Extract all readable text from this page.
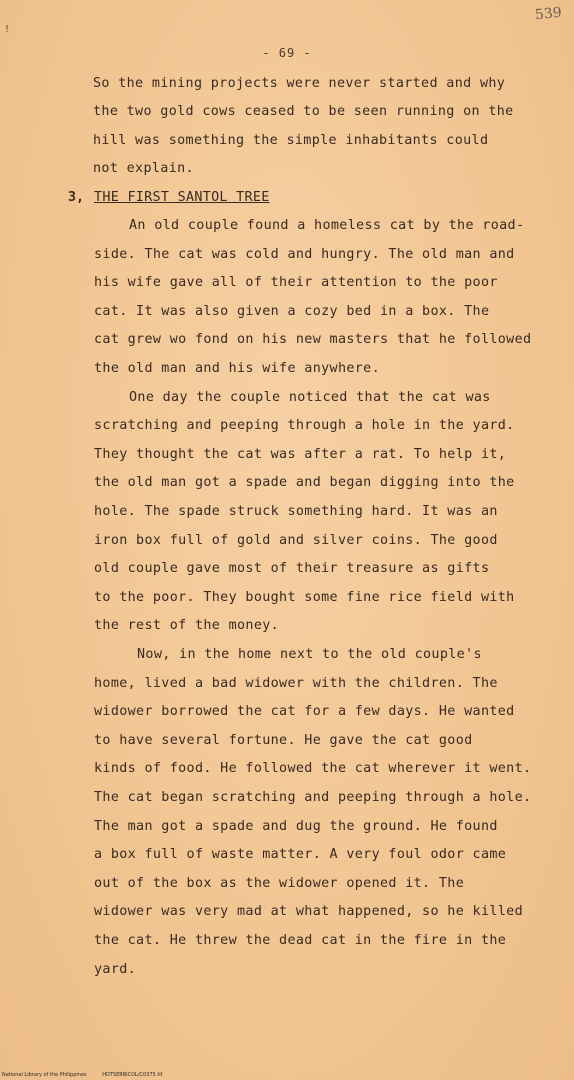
!
539
- 69 -
So the mining projects were never started and why
the two gold cows ceased to be seen running on the
hill was something the simple inhabitants could
not explain.
3, THE FIRST SANTOL TREE
An old couple found a homeless cat by the road-
side. The cat was cold and hungry. The old man and
his wife gave all of their attention to the poor
cat. It was also given a cozy bed in a box. The
cat grew wo fond on his new masters that he followed
the old man and his wife anywhere.
One day the couple noticed that the cat was
scratching and peeping through a hole in the yard.
They thought the cat was after a rat. To help it,
the old man got a spade and began digging into the
hole. The spade struck something hard. It was an
iron box full of gold and silver coins. The good
old couple gave most of their treasure as gifts
to the poor. They bought some fine rice field with
the rest of the money.
Now, in the home next to the old couple's
home, lived a bad widower with the children. The
widower borrowed the cat for a few days. He wanted
to have several fortune. He gave the cat good
kinds of food. He followed the cat wherever it went.
The cat began scratching and peeping through a hole.
The man got a spade and dug the ground. He found
a box full of waste matter. A very foul odor came
out of the box as the widower opened it. The
widower was very mad at what happened, so he killed
the cat. He threw the dead cat in the fire in the
yard.
National Library of the Philippines	HDTSERBICOL/C0375.tif
